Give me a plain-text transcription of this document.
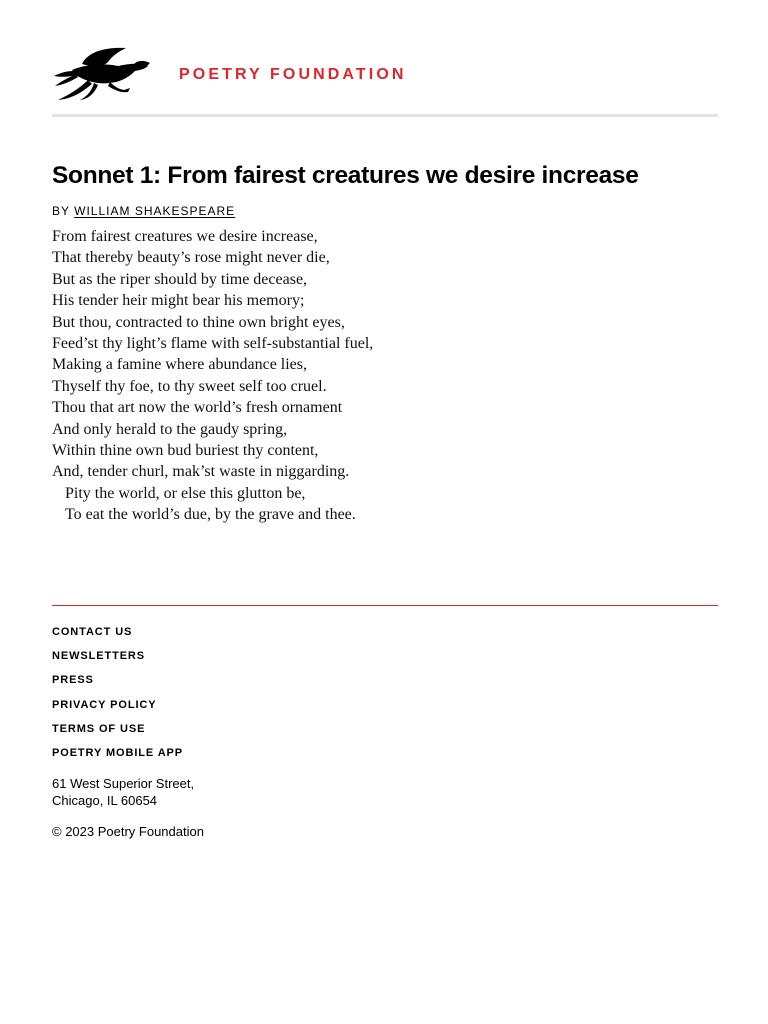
POETRY FOUNDATION
Sonnet 1: From fairest creatures we desire increase
BY WILLIAM SHAKESPEARE
From fairest creatures we desire increase,
That thereby beauty’s rose might never die,
But as the riper should by time decease,
His tender heir might bear his memory;
But thou, contracted to thine own bright eyes,
Feed’st thy light’s flame with self-substantial fuel,
Making a famine where abundance lies,
Thyself thy foe, to thy sweet self too cruel.
Thou that art now the world’s fresh ornament
And only herald to the gaudy spring,
Within thine own bud buriest thy content,
And, tender churl, mak’st waste in niggarding.
Pity the world, or else this glutton be,
To eat the world’s due, by the grave and thee.
CONTACT US
NEWSLETTERS
PRESS
PRIVACY POLICY
TERMS OF USE
POETRY MOBILE APP
61 West Superior Street,
Chicago, IL 60654
© 2023 Poetry Foundation
